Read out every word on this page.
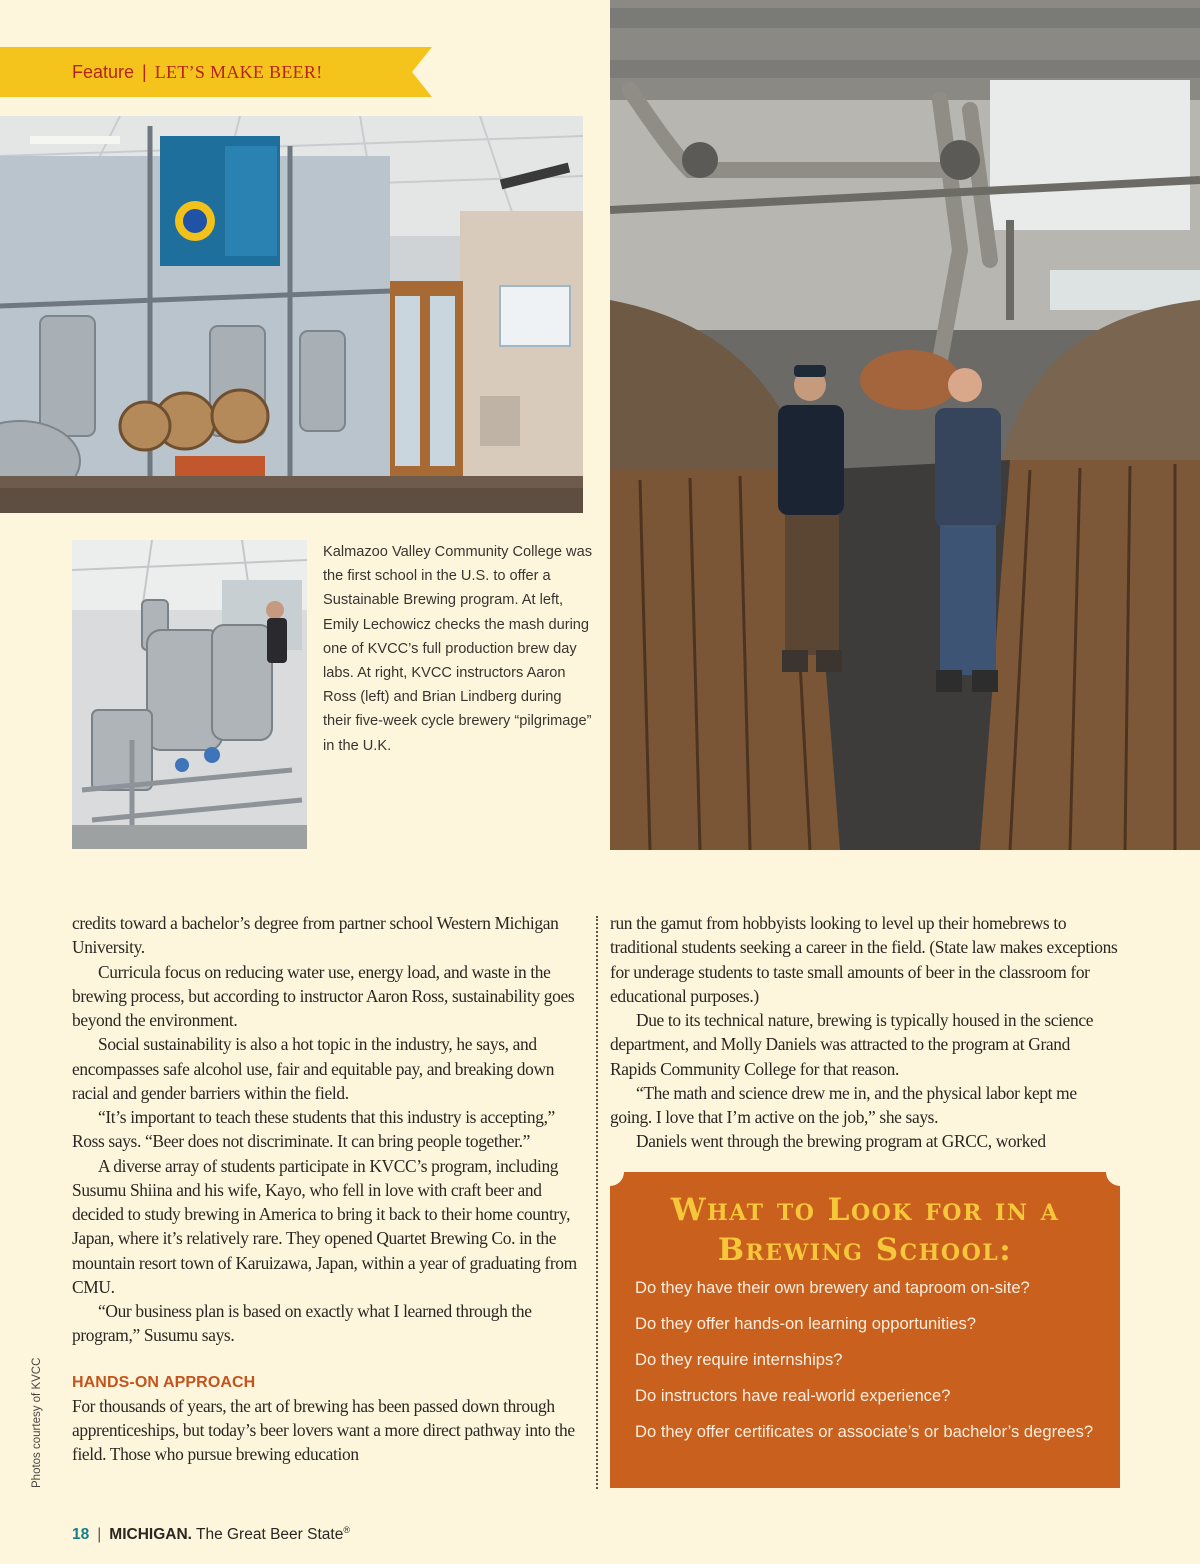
Feature | LET’S MAKE BEER!

Kalmazoo Valley Community College was the first school in the U.S. to offer a Sustainable Brewing program. At left, Emily Lechowicz checks the mash during one of KVCC’s full production brew day labs. At right, KVCC instructors Aaron Ross (left) and Brian Lindberg during their five-week cycle brewery “pilgrimage” in the U.K.

credits toward a bachelor’s degree from partner school Western Michigan University.

Curricula focus on reducing water use, energy load, and waste in the brewing process, but according to instructor Aaron Ross, sustainability goes beyond the environment.

Social sustainability is also a hot topic in the industry, he says, and encompasses safe alcohol use, fair and equitable pay, and breaking down racial and gender barriers within the field.

“It’s important to teach these students that this industry is accepting,” Ross says. “Beer does not discriminate. It can bring people together.”

A diverse array of students participate in KVCC’s program, including Susumu Shiina and his wife, Kayo, who fell in love with craft beer and decided to study brewing in America to bring it back to their home country, Japan, where it’s relatively rare. They opened Quartet Brewing Co. in the mountain resort town of Karuizawa, Japan, within a year of graduating from CMU.

“Our business plan is based on exactly what I learned through the program,” Susumu says.

HANDS-ON APPROACH

For thousands of years, the art of brewing has been passed down through apprenticeships, but today’s beer lovers want a more direct pathway into the field. Those who pursue brewing education

run the gamut from hobbyists looking to level up their homebrews to traditional students seeking a career in the field. (State law makes exceptions for underage students to taste small amounts of beer in the classroom for educational purposes.)

Due to its technical nature, brewing is typically housed in the science department, and Molly Daniels was attracted to the program at Grand Rapids Community College for that reason.

“The math and science drew me in, and the physical labor kept me going. I love that I’m active on the job,” she says.

Daniels went through the brewing program at GRCC, worked

What to Look for in a
Brewing School:
Do they have their own brewery and taproom on-site?
Do they offer hands-on learning opportunities?
Do they require internships?
Do instructors have real-world experience?
Do they offer certificates or associate’s or bachelor’s degrees?
Photos courtesy of KVCC
18 | MICHIGAN. The Great Beer State®
